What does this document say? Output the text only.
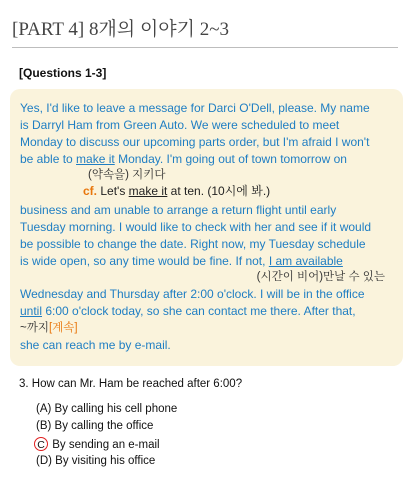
[PART 4] 8개의 이야기 2~3
[Questions 1-3]
Yes, I'd like to leave a message for Darci O'Dell, please. My name
is Darryl Ham from Green Auto. We were scheduled to meet
Monday to discuss our upcoming parts order, but I'm afraid I won't
be able to make it Monday. I'm going out of town tomorrow on
(약속을) 지키다
cf. Let's make it at ten. (10시에 봐.)
business and am unable to arrange a return flight until early
Tuesday morning. I would like to check with her and see if it would
be possible to change the date. Right now, my Tuesday schedule
is wide open, so any time would be fine. If not, I am available
(시간이 비어)만날 수 있는
Wednesday and Thursday after 2:00 o'clock. I will be in the office
until 6:00 o'clock today, so she can contact me there. After that,
~까지[계속]
she can reach me by e-mail.
3. How can Mr. Ham be reached after 6:00?
(A) By calling his cell phone
(B) By calling the office
C By sending an e-mail
(D) By visiting his office
